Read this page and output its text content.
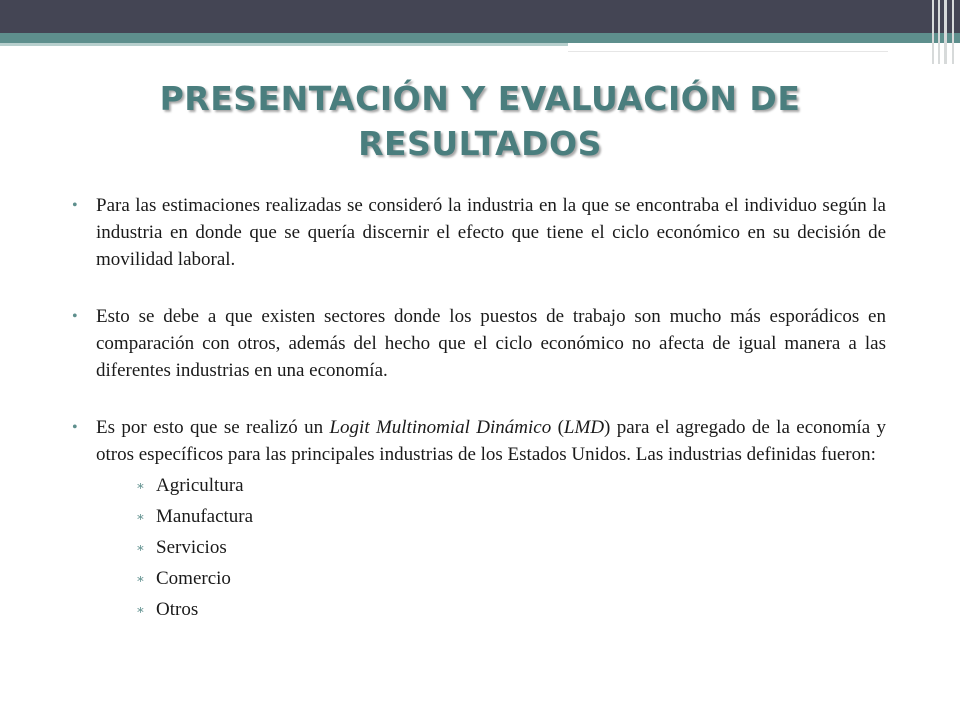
PRESENTACIÓN Y EVALUACIÓN DE RESULTADOS

• Para las estimaciones realizadas se consideró la industria en la que se encontraba el individuo según la industria en donde que se quería discernir el efecto que tiene el ciclo económico en su decisión de movilidad laboral.

• Esto se debe a que existen sectores donde los puestos de trabajo son mucho más esporádicos en comparación con otros, además del hecho que el ciclo económico no afecta de igual manera a las diferentes industrias en una economía.

• Es por esto que se realizó un Logit Multinomial Dinámico (LMD) para el agregado de la economía y otros específicos para las principales industrias de los Estados Unidos. Las industrias definidas fueron:

∗ Agricultura
∗ Manufactura
∗ Servicios
∗ Comercio
∗ Otros
